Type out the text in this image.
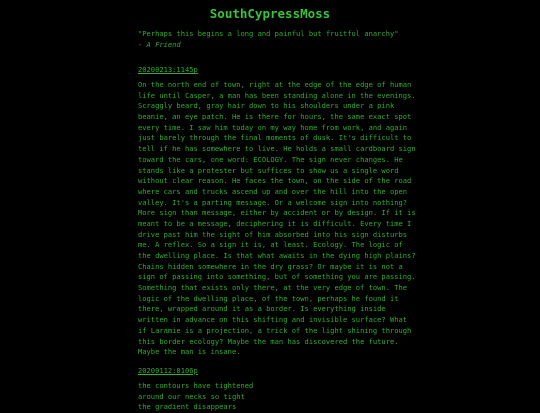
SouthCypressMoss
"Perhaps this begins a long and painful but fruitful anarchy"
- A Friend
20200213:1145p
On the north end of town, right at the edge of the edge of human
life until Casper, a man has been standing alone in the evenings.
Scraggly beard, gray hair down to his shoulders under a pink
beanie, an eye patch. He is there for hours, the same exact spot
every time. I saw him today on my way home from work, and again
just barely through the final moments of dusk. It's difficult to
tell if he has somewhere to live. He holds a small cardboard sign
toward the cars, one word: ECOLOGY. The sign never changes. He
stands like a protester but suffices to show us a single word
without clear reason. He faces the town, on the side of the road
where cars and trucks ascend up and over the hill into the open
valley. It's a parting message. Or a welcome sign into nothing?
More sign than message, either by accident or by design. If it is
meant to be a message, deciphering it is difficult. Every time I
drive past him the sight of him absorbed into his sign disturbs
me. A reflex. So a sign it is, at least. Ecology. The logic of
the dwelling place. Is that what awaits in the dying high plains?
Chains hidden somewhere in the dry grass? Or maybe it is not a
sign of passing into something, but of something you are passing.
Something that exists only there, at the very edge of town. The
logic of the dwelling place, of the town, perhaps he found it
there, wrapped around it as a border. Is everything inside
written in advance on this shifting and invisible surface? What
if Laramie is a projection, a trick of the light shining through
this border ecology? Maybe the man has discovered the future.
Maybe the man is insane.
20200112:0106p
the contours have tightened
around our necks so tight
the gradient disappears
